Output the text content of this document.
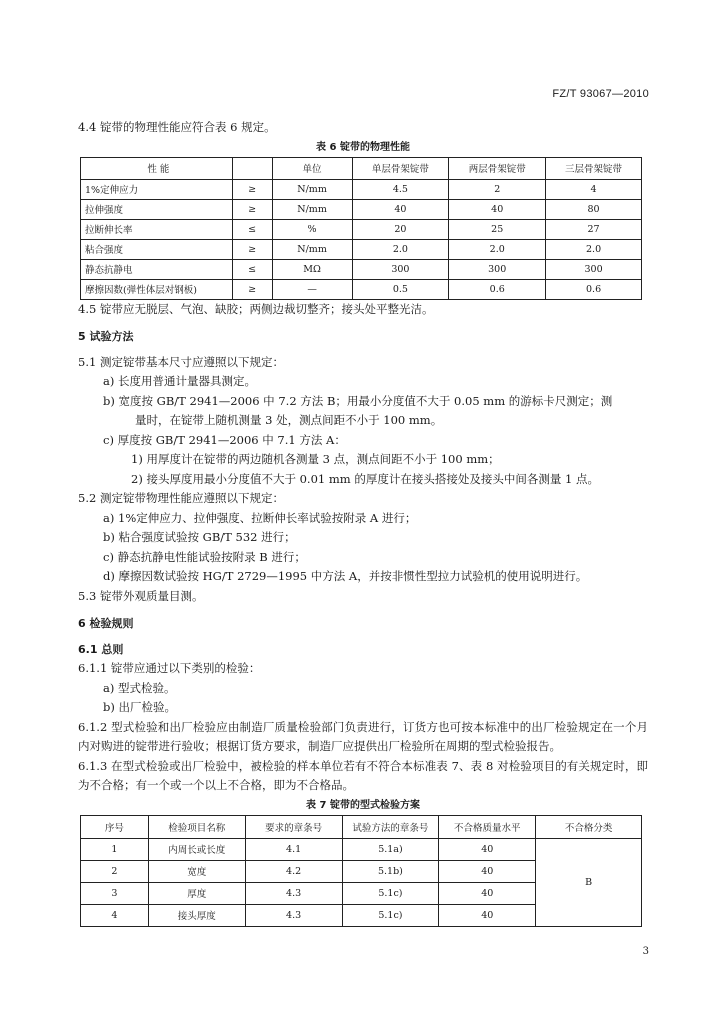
FZ/T 93067—2010

4.4 锭带的物理性能应符合表 6 规定。

表 6 锭带的物理性能
性 能		单位	单层骨架锭带	两层骨架锭带	三层骨架锭带
1%定伸应力	≥	N/mm	4.5	2	4
拉伸强度	≥	N/mm	40	40	80
拉断伸长率	≤	%	20	25	27
粘合强度	≥	N/mm	2.0	2.0	2.0
静态抗静电	≤	MΩ	300	300	300
摩擦因数(弹性体层对钢板)	≥	—	0.5	0.6	0.6

4.5 锭带应无脱层、气泡、缺胶；两侧边裁切整齐；接头处平整光洁。

5 试验方法

5.1 测定锭带基本尺寸应遵照以下规定：

a) 长度用普通计量器具测定。

b) 宽度按 GB/T 2941—2006 中 7.2 方法 B；用最小分度值不大于 0.05 mm 的游标卡尺测定；测

量时，在锭带上随机测量 3 处，测点间距不小于 100 mm。

c) 厚度按 GB/T 2941—2006 中 7.1 方法 A：

1) 用厚度计在锭带的两边随机各测量 3 点，测点间距不小于 100 mm；

2) 接头厚度用最小分度值不大于 0.01 mm 的厚度计在接头搭接处及接头中间各测量 1 点。

5.2 测定锭带物理性能应遵照以下规定：

a) 1%定伸应力、拉伸强度、拉断伸长率试验按附录 A 进行；

b) 粘合强度试验按 GB/T 532 进行；

c) 静态抗静电性能试验按附录 B 进行；

d) 摩擦因数试验按 HG/T 2729—1995 中方法 A，并按非惯性型拉力试验机的使用说明进行。

5.3 锭带外观质量目测。

6 检验规则

6.1 总则

6.1.1 锭带应通过以下类别的检验：

a) 型式检验。

b) 出厂检验。

6.1.2 型式检验和出厂检验应由制造厂质量检验部门负责进行，订货方也可按本标准中的出厂检验规定在一个月内对购进的锭带进行验收；根据订货方要求，制造厂应提供出厂检验所在周期的型式检验报告。

6.1.3 在型式检验或出厂检验中，被检验的样本单位若有不符合本标准表 7、表 8 对检验项目的有关规定时，即为不合格；有一个或一个以上不合格，即为不合格品。

表 7 锭带的型式检验方案
序号	检验项目名称	要求的章条号	试验方法的章条号	不合格质量水平	不合格分类
1	内周长或长度	4.1	5.1a)	40	B
2	宽度	4.2	5.1b)	40	
3	厚度	4.3	5.1c)	40	
4	接头厚度	4.3	5.1c)	40	
3
